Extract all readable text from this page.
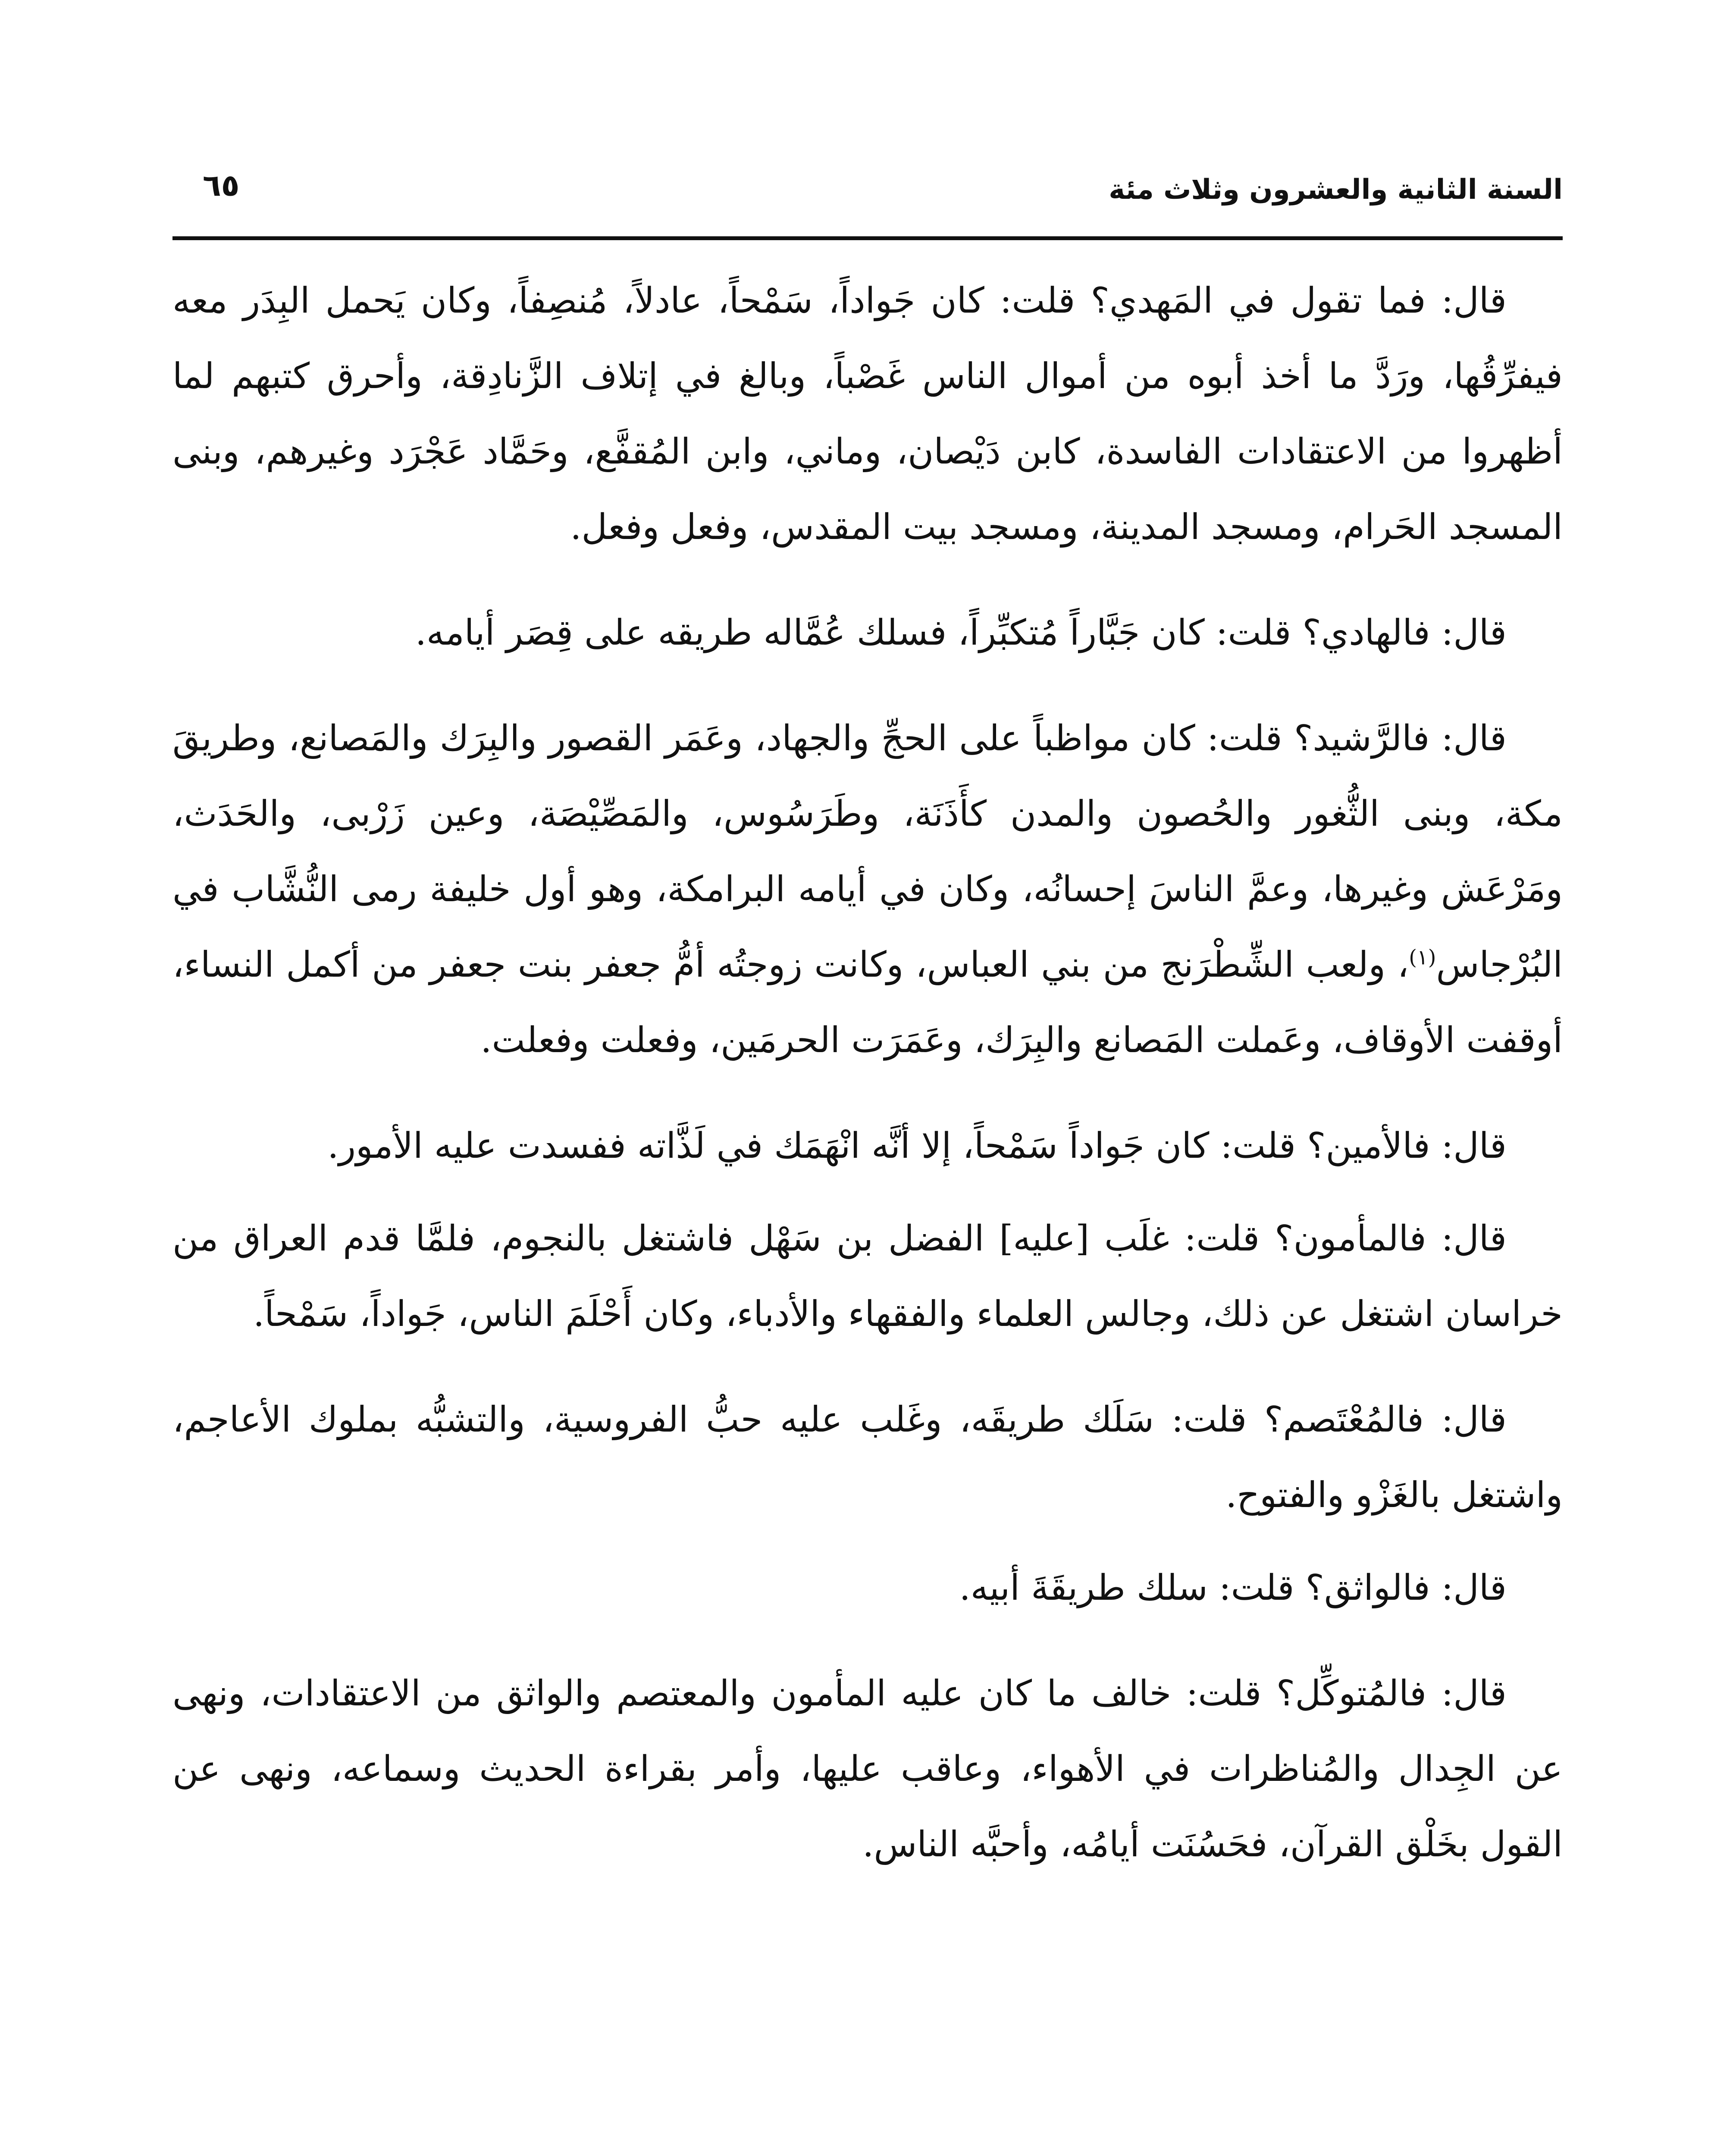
السنة الثانية والعشرون وثلاث مئة
٦٥

قال: فما تقول في المَهدي؟ قلت: كان جَواداً، سَمْحاً، عادلاً، مُنصِفاً، وكان يَحمل البِدَر معه فيفرِّقُها، ورَدَّ ما أخذ أبوه من أموال الناس غَصْباً، وبالغ في إتلاف الزَّنادِقة، وأحرق كتبهم لما أظهروا من الاعتقادات الفاسدة، كابن دَيْصان، وماني، وابن المُقفَّع، وحَمَّاد عَجْرَد وغيرهم، وبنى المسجد الحَرام، ومسجد المدينة، ومسجد بيت المقدس، وفعل وفعل.

قال: فالهادي؟ قلت: كان جَبَّاراً مُتكبِّراً، فسلك عُمَّاله طريقه على قِصَر أيامه.

قال: فالرَّشيد؟ قلت: كان مواظباً على الحجِّ والجهاد، وعَمَر القصور والبِرَك والمَصانع، وطريقَ مكة، وبنى الثُّغور والحُصون والمدن كأَذَنَة، وطَرَسُوس، والمَصِّيْصَة، وعين زَرْبى، والحَدَث، ومَرْعَش وغيرها، وعمَّ الناسَ إحسانُه، وكان في أيامه البرامكة، وهو أول خليفة رمى النُّشَّاب في البُرْجاس$^{(١)}$، ولعب الشِّطْرَنج من بني العباس، وكانت زوجتُه أمُّ جعفر بنت جعفر من أكمل النساء، أوقفت الأوقاف، وعَملت المَصانع والبِرَك، وعَمَرَت الحرمَين، وفعلت وفعلت.

قال: فالأمين؟ قلت: كان جَواداً سَمْحاً، إلا أنَّه انْهَمَك في لَذَّاته ففسدت عليه الأمور.

قال: فالمأمون؟ قلت: غلَب [عليه] الفضل بن سَهْل فاشتغل بالنجوم، فلمَّا قدم العراق من خراسان اشتغل عن ذلك، وجالس العلماء والفقهاء والأدباء، وكان أَحْلَمَ الناس، جَواداً، سَمْحاً.

قال: فالمُعْتَصم؟ قلت: سَلَك طريقَه، وغَلب عليه حبُّ الفروسية، والتشبُّه بملوك الأعاجم، واشتغل بالغَزْو والفتوح.

قال: فالواثق؟ قلت: سلك طريقَةَ أبيه.

قال: فالمُتوكِّل؟ قلت: خالف ما كان عليه المأمون والمعتصم والواثق من الاعتقادات، ونهى عن الجِدال والمُناظرات في الأهواء، وعاقب عليها، وأمر بقراءة الحديث وسماعه، ونهى عن القول بخَلْق القرآن، فحَسُنَت أيامُه، وأحبَّه الناس.
